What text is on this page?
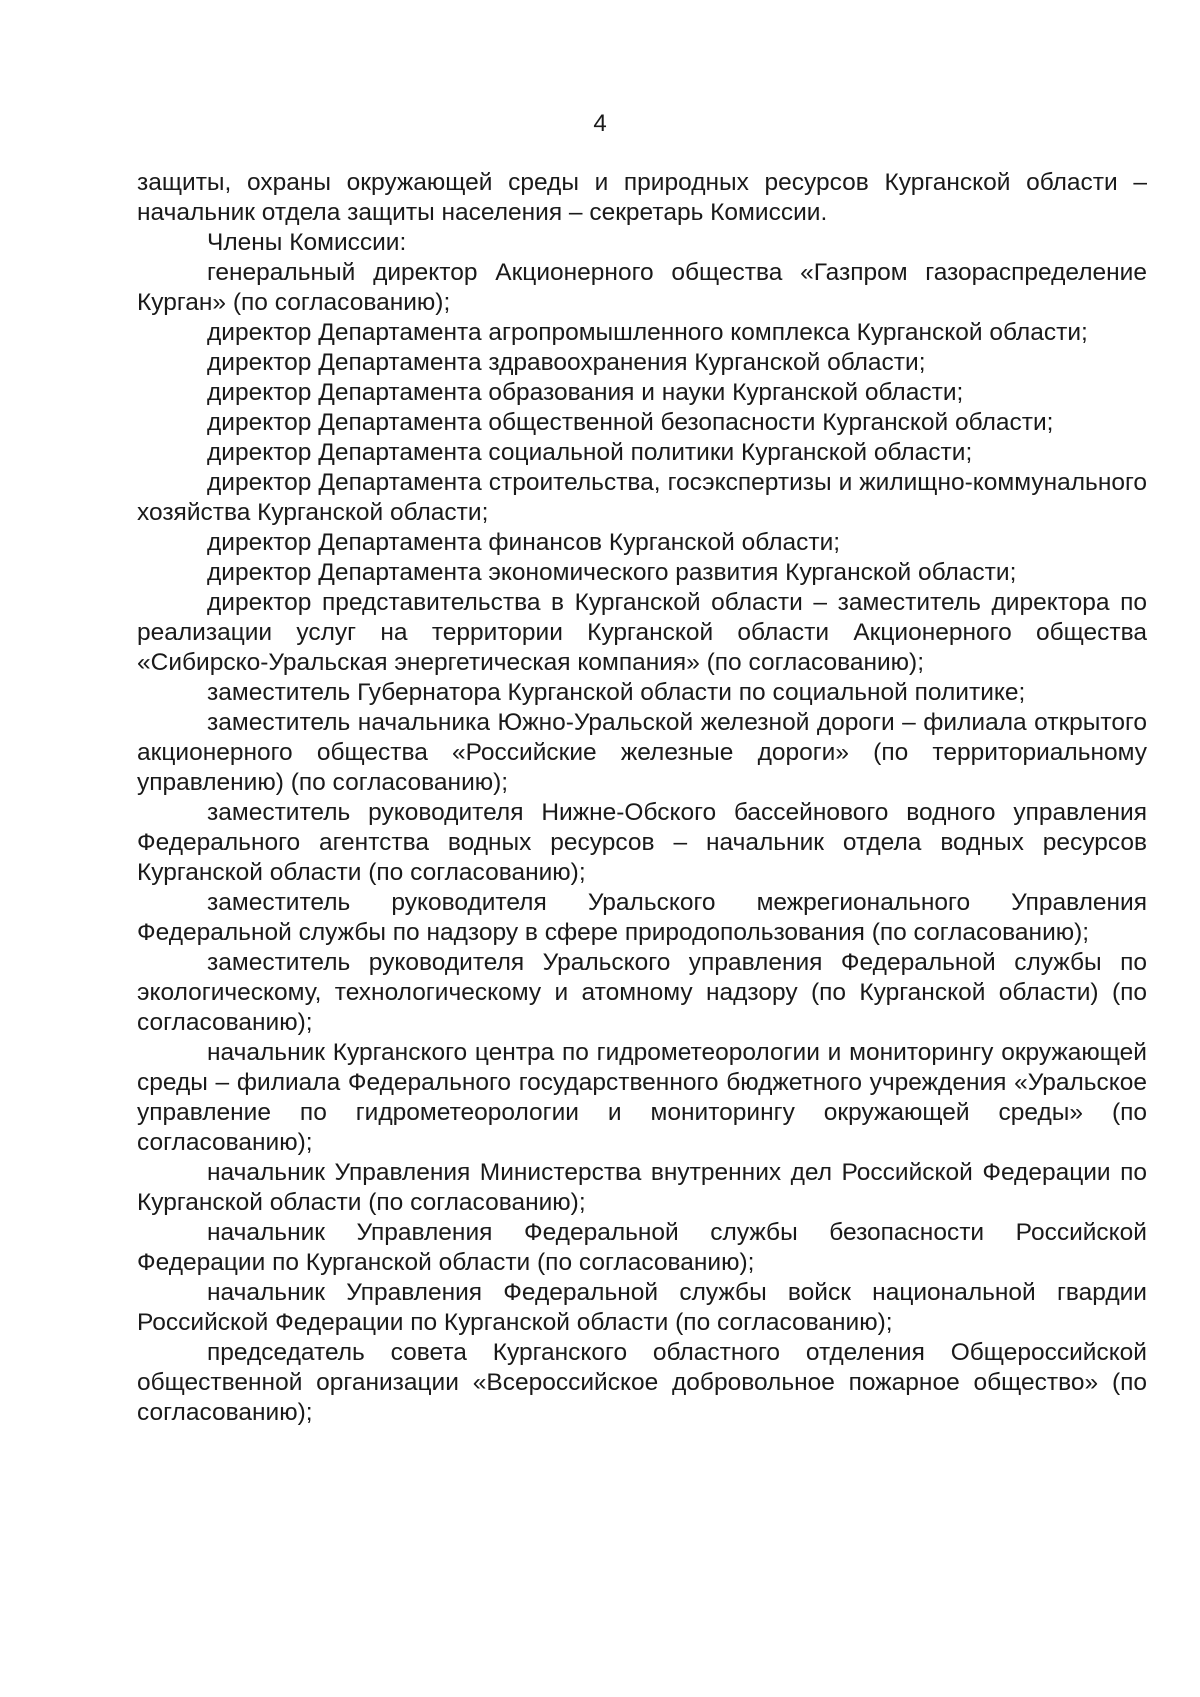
4

защиты, охраны окружающей среды и природных ресурсов Курганской области – начальник отдела защиты населения – секретарь Комиссии.

Члены Комиссии:

генеральный директор Акционерного общества «Газпром газораспределение Курган» (по согласованию);

директор Департамента агропромышленного комплекса Курганской области;

директор Департамента здравоохранения Курганской области;

директор Департамента образования и науки Курганской области;

директор Департамента общественной безопасности Курганской области;

директор Департамента социальной политики Курганской области;

директор Департамента строительства, госэкспертизы и жилищно-коммунального хозяйства Курганской области;

директор Департамента финансов Курганской области;

директор Департамента экономического развития Курганской области;

директор представительства в Курганской области – заместитель директора по реализации услуг на территории Курганской области Акционерного общества «Сибирско-Уральская энергетическая компания» (по согласованию);

заместитель Губернатора Курганской области по социальной политике;

заместитель начальника Южно-Уральской железной дороги – филиала открытого акционерного общества «Российские железные дороги» (по территориальному управлению) (по согласованию);

заместитель руководителя Нижне-Обского бассейнового водного управления Федерального агентства водных ресурсов – начальник отдела водных ресурсов Курганской области (по согласованию);

заместитель руководителя Уральского межрегионального Управления Федеральной службы по надзору в сфере природопользования (по согласованию);

заместитель руководителя Уральского управления Федеральной службы по экологическому, технологическому и атомному надзору (по Курганской области) (по согласованию);

начальник Курганского центра по гидрометеорологии и мониторингу окружающей среды – филиала Федерального государственного бюджетного учреждения «Уральское управление по гидрометеорологии и мониторингу окружающей среды» (по согласованию);

начальник Управления Министерства внутренних дел Российской Федерации по Курганской области (по согласованию);

начальник Управления Федеральной службы безопасности Российской Федерации по Курганской области (по согласованию);

начальник Управления Федеральной службы войск национальной гвардии Российской Федерации по Курганской области (по согласованию);

председатель совета Курганского областного отделения Общероссийской общественной организации «Всероссийское добровольное пожарное общество» (по согласованию);
